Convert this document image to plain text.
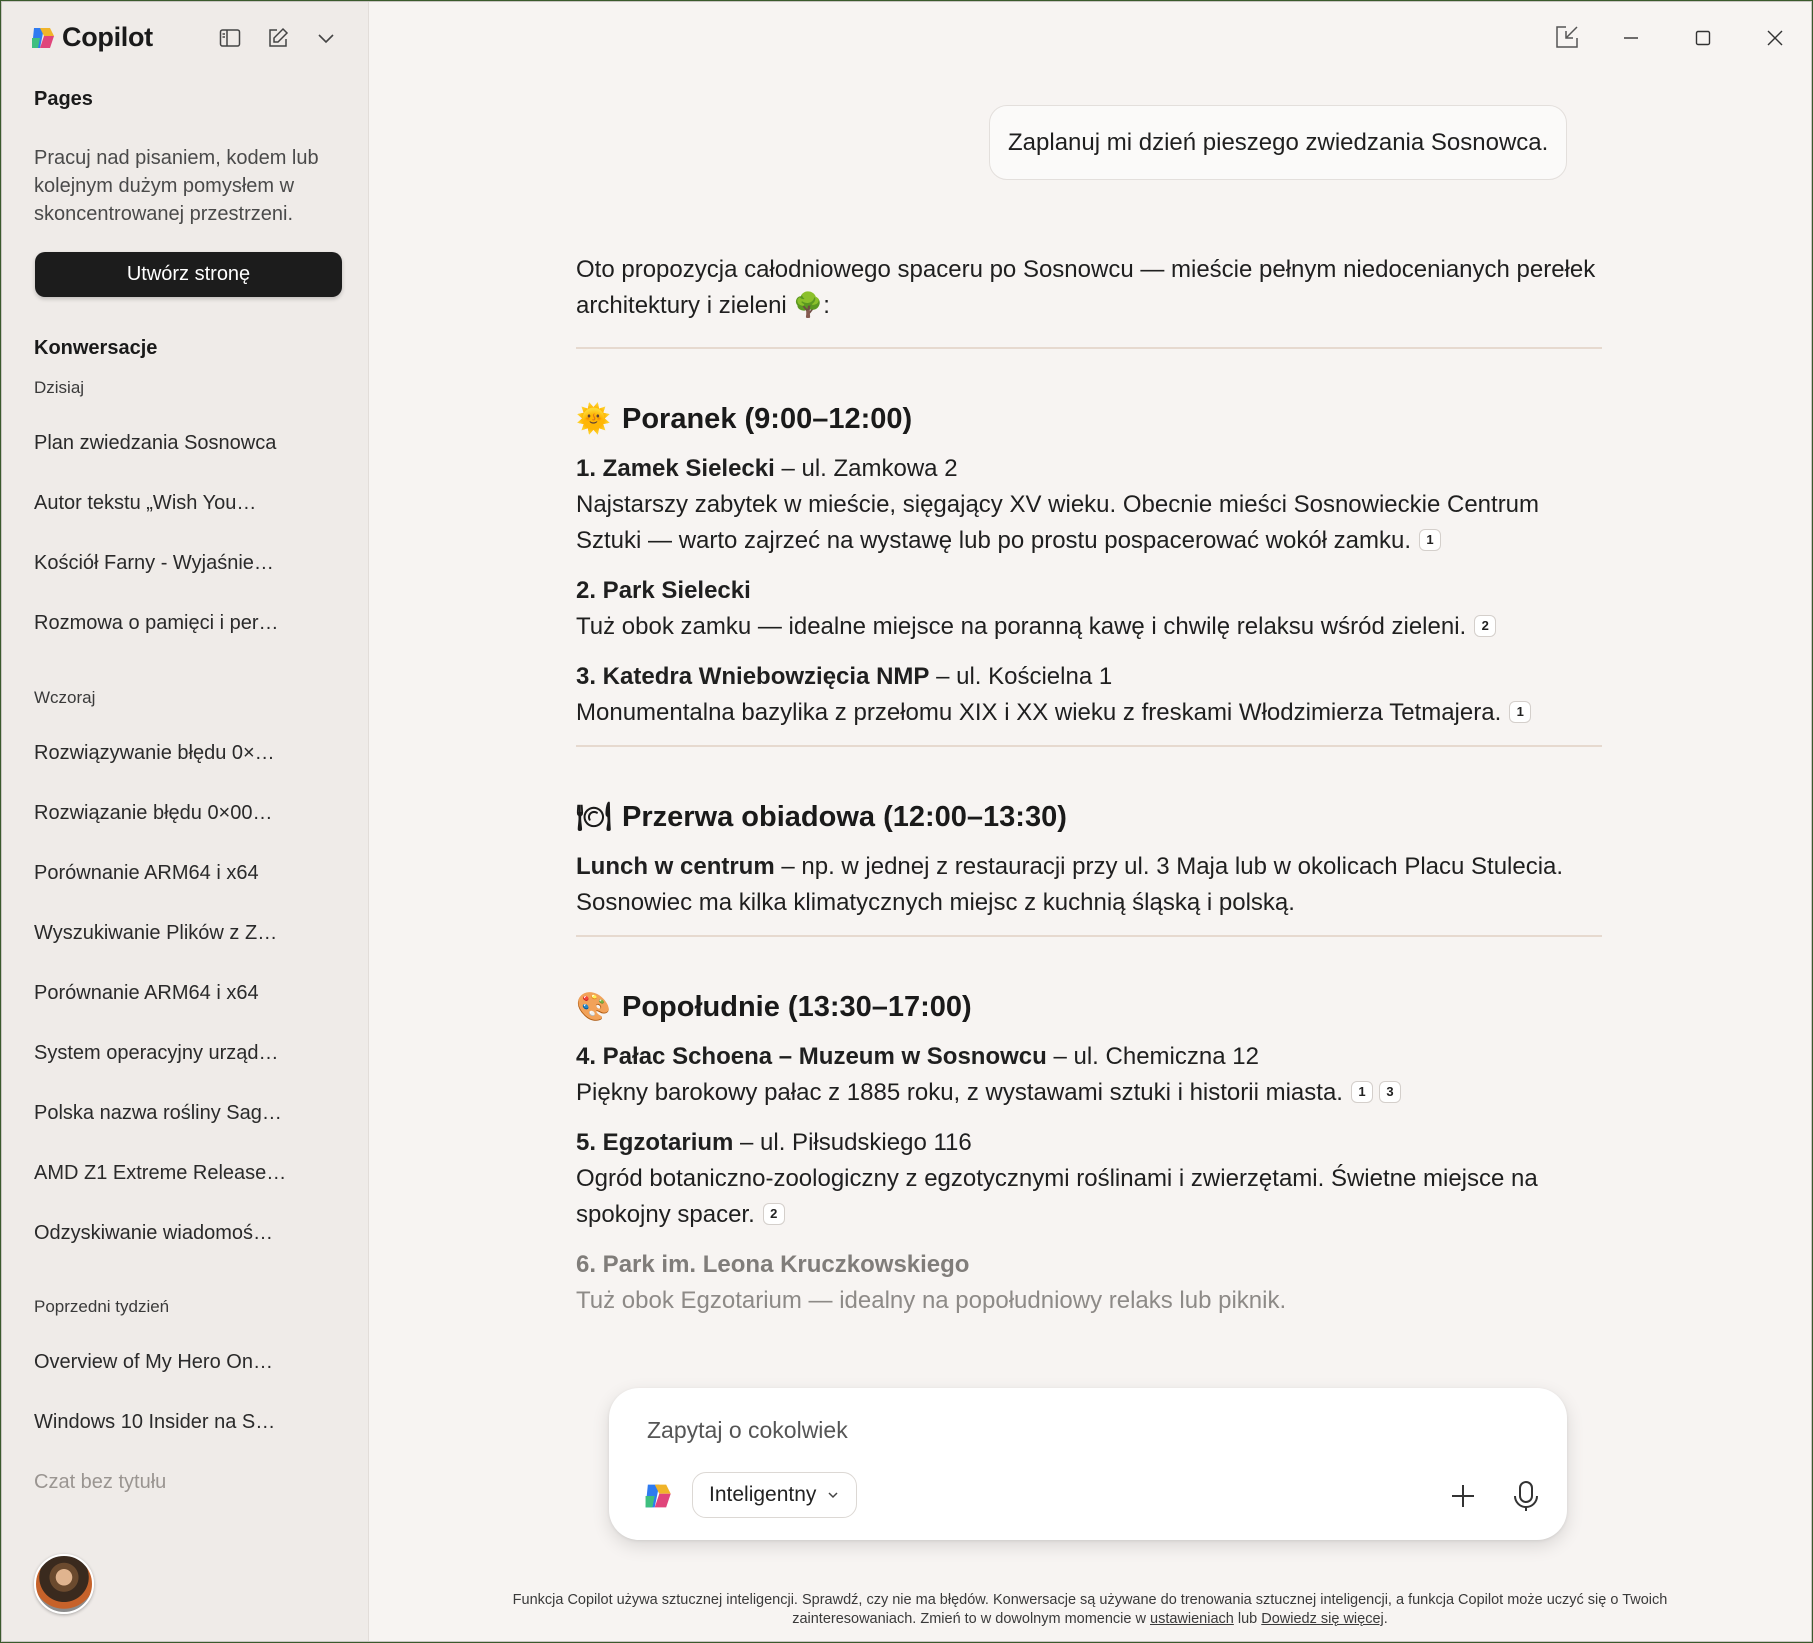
Copilot
Pages
Pracuj nad pisaniem, kodem lub kolejnym dużym pomysłem w skoncentrowanej przestrzeni.
Utwórz stronę
Konwersacje
Dzisiaj
Plan zwiedzania Sosnowca
Autor tekstu „Wish You…
Kościół Farny - Wyjaśnie…
Rozmowa o pamięci i per…
Wczoraj
Rozwiązywanie błędu 0×…
Rozwiązanie błędu 0×00…
Porównanie ARM64 i x64
Wyszukiwanie Plików z Z…
Porównanie ARM64 i x64
System operacyjny urząd…
Polska nazwa rośliny Sag…
AMD Z1 Extreme Release…
Odzyskiwanie wiadomoś…
Poprzedni tydzień
Overview of My Hero On…
Windows 10 Insider na S…
Czat bez tytułu
Zaplanuj mi dzień pieszego zwiedzania Sosnowca.

Oto propozycja całodniowego spaceru po Sosnowcu — mieście pełnym niedocenianych perełek architektury i zieleni 🌳:

🌞 Poranek (9:00–12:00)
1. Zamek Sielecki – ul. Zamkowa 2
Najstarszy zabytek w mieście, sięgający XV wieku. Obecnie mieści Sosnowieckie Centrum Sztuki — warto zajrzeć na wystawę lub po prostu pospacerować wokół zamku. 1
2. Park Sielecki
Tuż obok zamku — idealne miejsce na poranną kawę i chwilę relaksu wśród zieleni. 2
3. Katedra Wniebowzięcia NMP – ul. Kościelna 1
Monumentalna bazylika z przełomu XIX i XX wieku z freskami Włodzimierza Tetmajera. 1
🍽 Przerwa obiadowa (12:00–13:30)
Lunch w centrum – np. w jednej z restauracji przy ul. 3 Maja lub w okolicach Placu Stulecia. Sosnowiec ma kilka klimatycznych miejsc z kuchnią śląską i polską.
🎨 Popołudnie (13:30–17:00)
4. Pałac Schoena – Muzeum w Sosnowcu – ul. Chemiczna 12
Piękny barokowy pałac z 1885 roku, z wystawami sztuki i historii miasta. 1 3
5. Egzotarium – ul. Piłsudskiego 116
Ogród botaniczno-zoologiczny z egzotycznymi roślinami i zwierzętami. Świetne miejsce na spokojny spacer. 2
6. Park im. Leona Kruczkowskiego
Tuż obok Egzotarium — idealny na popołudniowy relaks lub piknik.
Zapytaj o cokolwiek
Inteligentny
Funkcja Copilot używa sztucznej inteligencji. Sprawdź, czy nie ma błędów. Konwersacje są używane do trenowania sztucznej inteligencji, a funkcja Copilot może uczyć się o Twoich zainteresowaniach. Zmień to w dowolnym momencie w ustawieniach lub Dowiedz się więcej.
